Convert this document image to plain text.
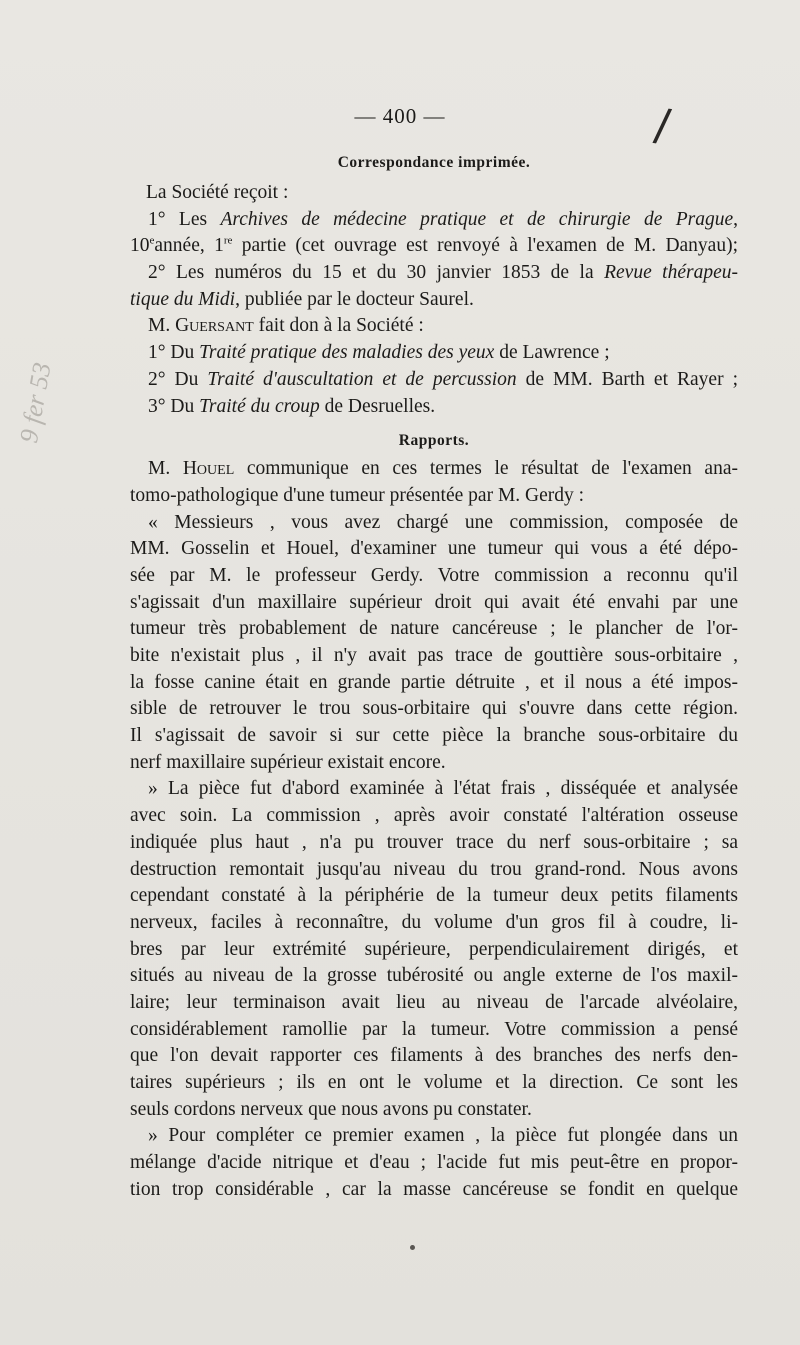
— 400 —	/
9 fer 53
Correspondance imprimée.
La Société reçoit :
1° Les Archives de médecine pratique et de chirurgie de Prague,
10eannée, 1re partie (cet ouvrage est renvoyé à l'examen de M. Danyau);
2° Les numéros du 15 et du 30 janvier 1853 de la Revue thérapeu-
tique du Midi, publiée par le docteur Saurel.
M. Guersant fait don à la Société :
1° Du Traité pratique des maladies des yeux de Lawrence ;
2° Du Traité d'auscultation et de percussion de MM. Barth et Rayer ;
3° Du Traité du croup de Desruelles.
Rapports.
M. Houel communique en ces termes le résultat de l'examen ana-
tomo-pathologique d'une tumeur présentée par M. Gerdy :
« Messieurs , vous avez chargé une commission, composée de
MM. Gosselin et Houel, d'examiner une tumeur qui vous a été dépo-
sée par M. le professeur Gerdy. Votre commission a reconnu qu'il
s'agissait d'un maxillaire supérieur droit qui avait été envahi par une
tumeur très probablement de nature cancéreuse ; le plancher de l'or-
bite n'existait plus , il n'y avait pas trace de gouttière sous-orbitaire ,
la fosse canine était en grande partie détruite , et il nous a été impos-
sible de retrouver le trou sous-orbitaire qui s'ouvre dans cette région.
Il s'agissait de savoir si sur cette pièce la branche sous-orbitaire du
nerf maxillaire supérieur existait encore.
» La pièce fut d'abord examinée à l'état frais , disséquée et analysée
avec soin. La commission , après avoir constaté l'altération osseuse
indiquée plus haut , n'a pu trouver trace du nerf sous-orbitaire ; sa
destruction remontait jusqu'au niveau du trou grand-rond. Nous avons
cependant constaté à la périphérie de la tumeur deux petits filaments
nerveux, faciles à reconnaître, du volume d'un gros fil à coudre, li-
bres par leur extrémité supérieure, perpendiculairement dirigés, et
situés au niveau de la grosse tubérosité ou angle externe de l'os maxil-
laire; leur terminaison avait lieu au niveau de l'arcade alvéolaire,
considérablement ramollie par la tumeur. Votre commission a pensé
que l'on devait rapporter ces filaments à des branches des nerfs den-
taires supérieurs ; ils en ont le volume et la direction. Ce sont les
seuls cordons nerveux que nous avons pu constater.
» Pour compléter ce premier examen , la pièce fut plongée dans un
mélange d'acide nitrique et d'eau ; l'acide fut mis peut-être en propor-
tion trop considérable , car la masse cancéreuse se fondit en quelque
